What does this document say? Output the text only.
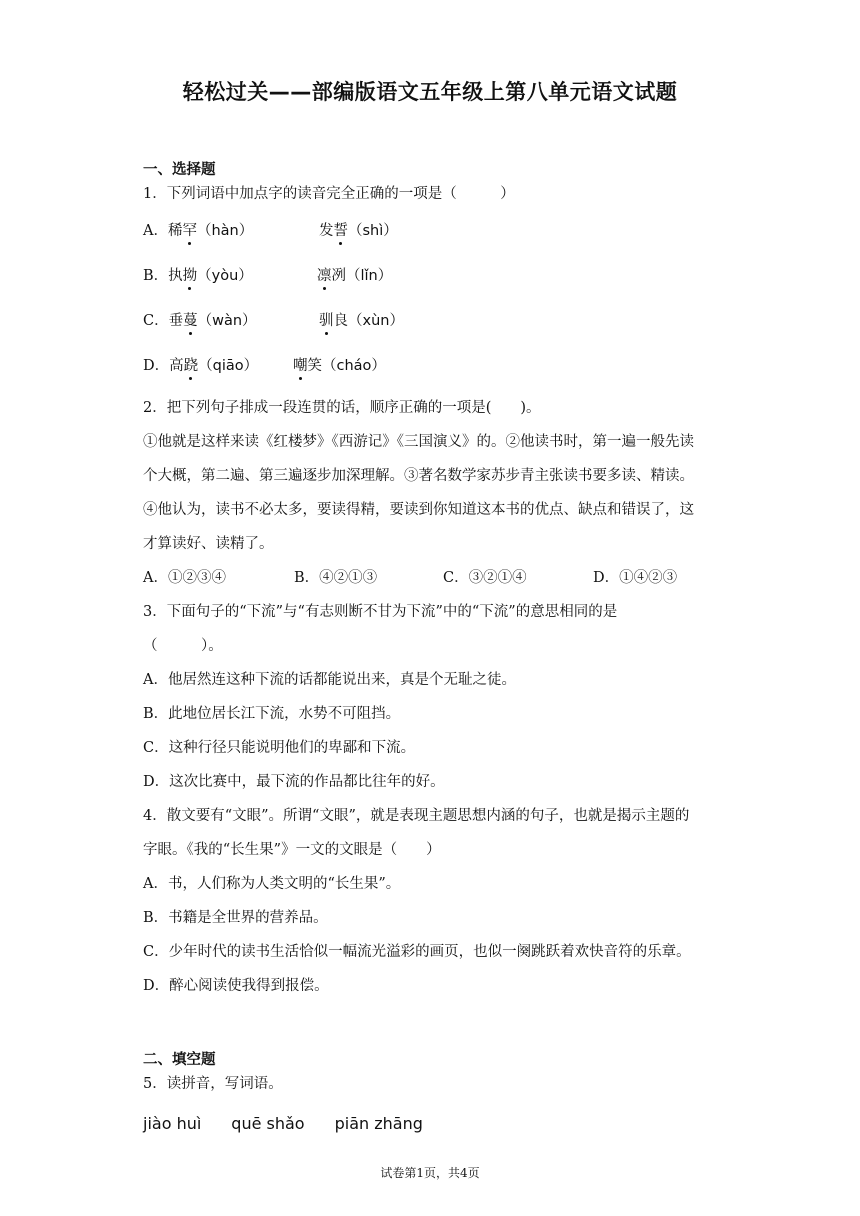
轻松过关——部编版语文五年级上第八单元语文试题
一、选择题
1．下列词语中加点字的读音完全正确的一项是（　　　）
A．稀罕（hàn）	发誓（shì）
B．执拗（yòu）	凛冽（lǐn）
C．垂蔓（wàn）	驯良（xùn）
D．高跷（qiāo） 嘲笑（cháo）
2．把下列句子排成一段连贯的话，顺序正确的一项是(　　)。
①他就是这样来读《红楼梦》《西游记》《三国演义》的。②他读书时，第一遍一般先读
个大概，第二遍、第三遍逐步加深理解。③著名数学家苏步青主张读书要多读、精读。
④他认为，读书不必太多，要读得精，要读到你知道这本书的优点、缺点和错误了，这
才算读好、读精了。
A．①②③④	B．④②①③	C．③②①④	D．①④②③
3．下面句子的“下流”与“有志则断不甘为下流”中的“下流”的意思相同的是
（　　　）。
A．他居然连这种下流的话都能说出来，真是个无耻之徒。
B．此地位居长江下流，水势不可阻挡。
C．这种行径只能说明他们的卑鄙和下流。
D．这次比赛中，最下流的作品都比往年的好。
4．散文要有“文眼”。所谓“文眼”，就是表现主题思想内涵的句子，也就是揭示主题的
字眼。《我的“长生果”》一文的文眼是（　　）
A．书，人们称为人类文明的“长生果”。
B．书籍是全世界的营养品。
C．少年时代的读书生活恰似一幅流光溢彩的画页，也似一阕跳跃着欢快音符的乐章。
D．醉心阅读使我得到报偿。
二、填空题
5．读拼音，写词语。
jiào huì quē shǎo piān zhāng
试卷第1页，共4页
